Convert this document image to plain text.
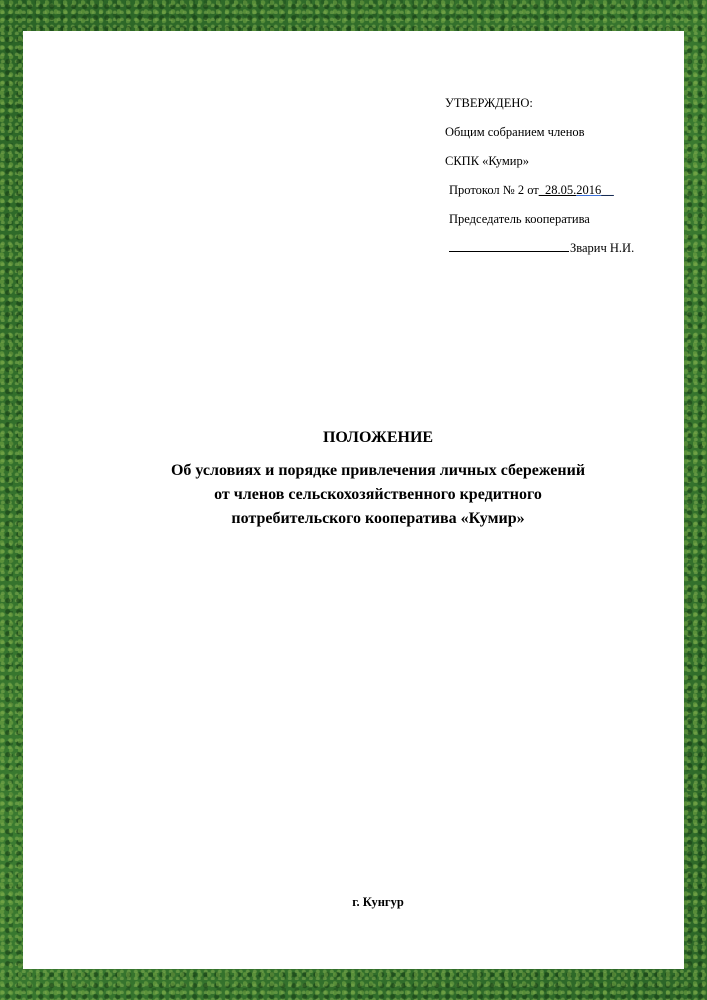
УТВЕРЖДЕНО:
Общим собранием членов
СКПК «Кумир»
Протокол № 2 от_28.05.2016__
Председатель кооператива
Зварич Н.И.
ПОЛОЖЕНИЕ
Об условиях и порядке привлечения личных сбережений
от членов сельскохозяйственного кредитного
потребительского кооператива «Кумир»
г. Кунгур
